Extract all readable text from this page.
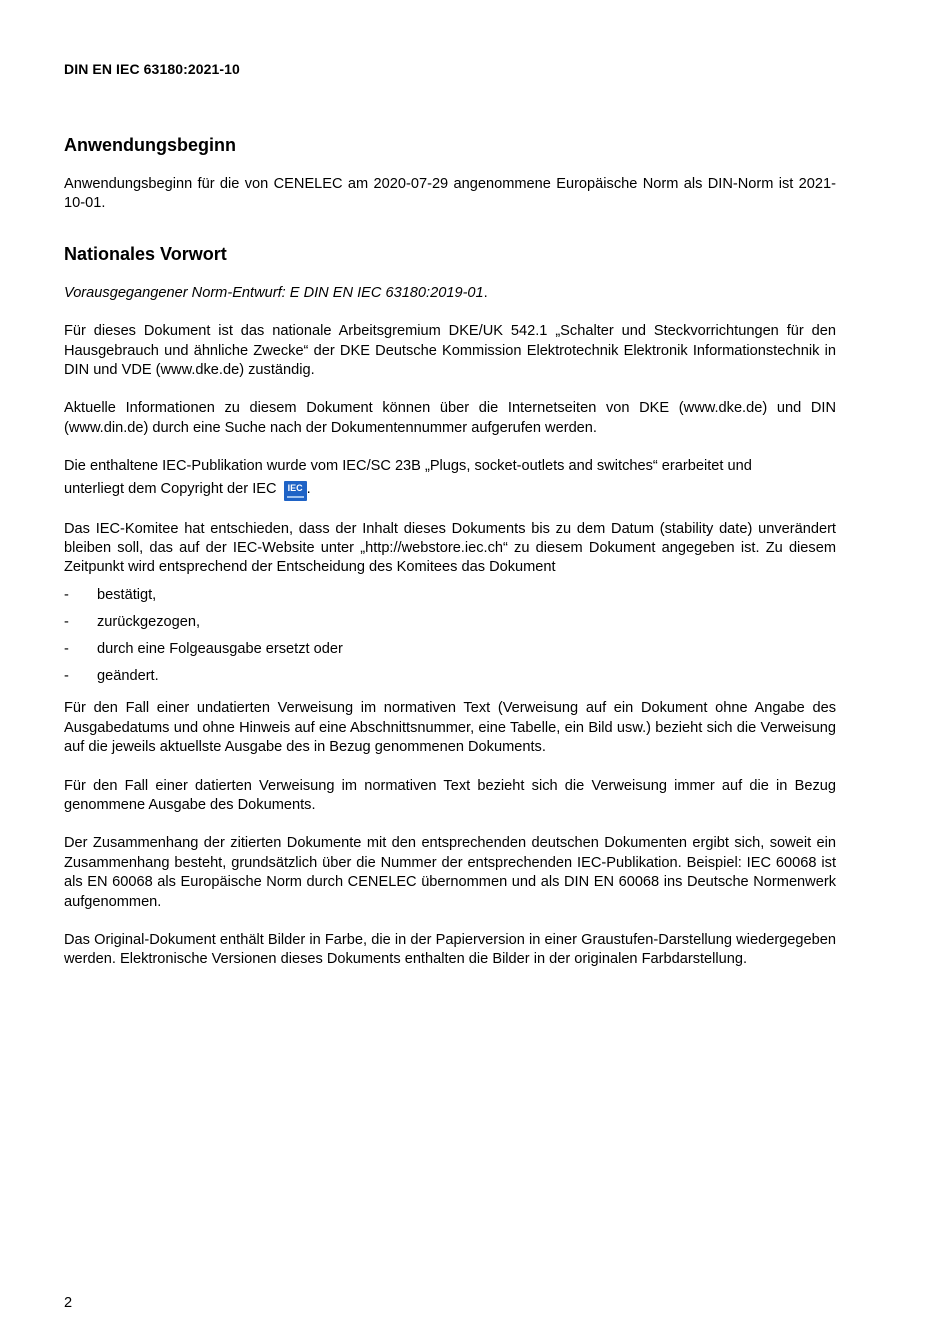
DIN EN IEC 63180:2021-10
Anwendungsbeginn

Anwendungsbeginn für die von CENELEC am 2020-07-29 angenommene Europäische Norm als DIN-Norm ist 2021-10-01.

Nationales Vorwort

Vorausgegangener Norm-Entwurf: E DIN EN IEC 63180:2019-01.

Für dieses Dokument ist das nationale Arbeitsgremium DKE/UK 542.1 „Schalter und Steckvorrichtungen für den Hausgebrauch und ähnliche Zwecke“ der DKE Deutsche Kommission Elektrotechnik Elektronik Informationstechnik in DIN und VDE (www.dke.de) zuständig.

Aktuelle Informationen zu diesem Dokument können über die Internetseiten von DKE (www.dke.de) und DIN (www.din.de) durch eine Suche nach der Dokumentennummer aufgerufen werden.

Die enthaltene IEC-Publikation wurde vom IEC/SC 23B „Plugs, socket-outlets and switches“ erarbeitet und
unterliegt dem Copyright der IEC IEC .

Das IEC-Komitee hat entschieden, dass der Inhalt dieses Dokuments bis zu dem Datum (stability date) unverändert bleiben soll, das auf der IEC-Website unter „http://webstore.iec.ch“ zu diesem Dokument angegeben ist. Zu diesem Zeitpunkt wird entsprechend der Entscheidung des Komitees das Dokument

- bestätigt,
- zurückgezogen,
- durch eine Folgeausgabe ersetzt oder
- geändert.

Für den Fall einer undatierten Verweisung im normativen Text (Verweisung auf ein Dokument ohne Angabe des Ausgabedatums und ohne Hinweis auf eine Abschnittsnummer, eine Tabelle, ein Bild usw.) bezieht sich die Verweisung auf die jeweils aktuellste Ausgabe des in Bezug genommenen Dokuments.

Für den Fall einer datierten Verweisung im normativen Text bezieht sich die Verweisung immer auf die in Bezug genommene Ausgabe des Dokuments.

Der Zusammenhang der zitierten Dokumente mit den entsprechenden deutschen Dokumenten ergibt sich, soweit ein Zusammenhang besteht, grundsätzlich über die Nummer der entsprechenden IEC-Publikation. Beispiel: IEC 60068 ist als EN 60068 als Europäische Norm durch CENELEC übernommen und als DIN EN 60068 ins Deutsche Normenwerk aufgenommen.

Das Original-Dokument enthält Bilder in Farbe, die in der Papierversion in einer Graustufen-Darstellung wiedergegeben werden. Elektronische Versionen dieses Dokuments enthalten die Bilder in der originalen Farbdarstellung.

2
